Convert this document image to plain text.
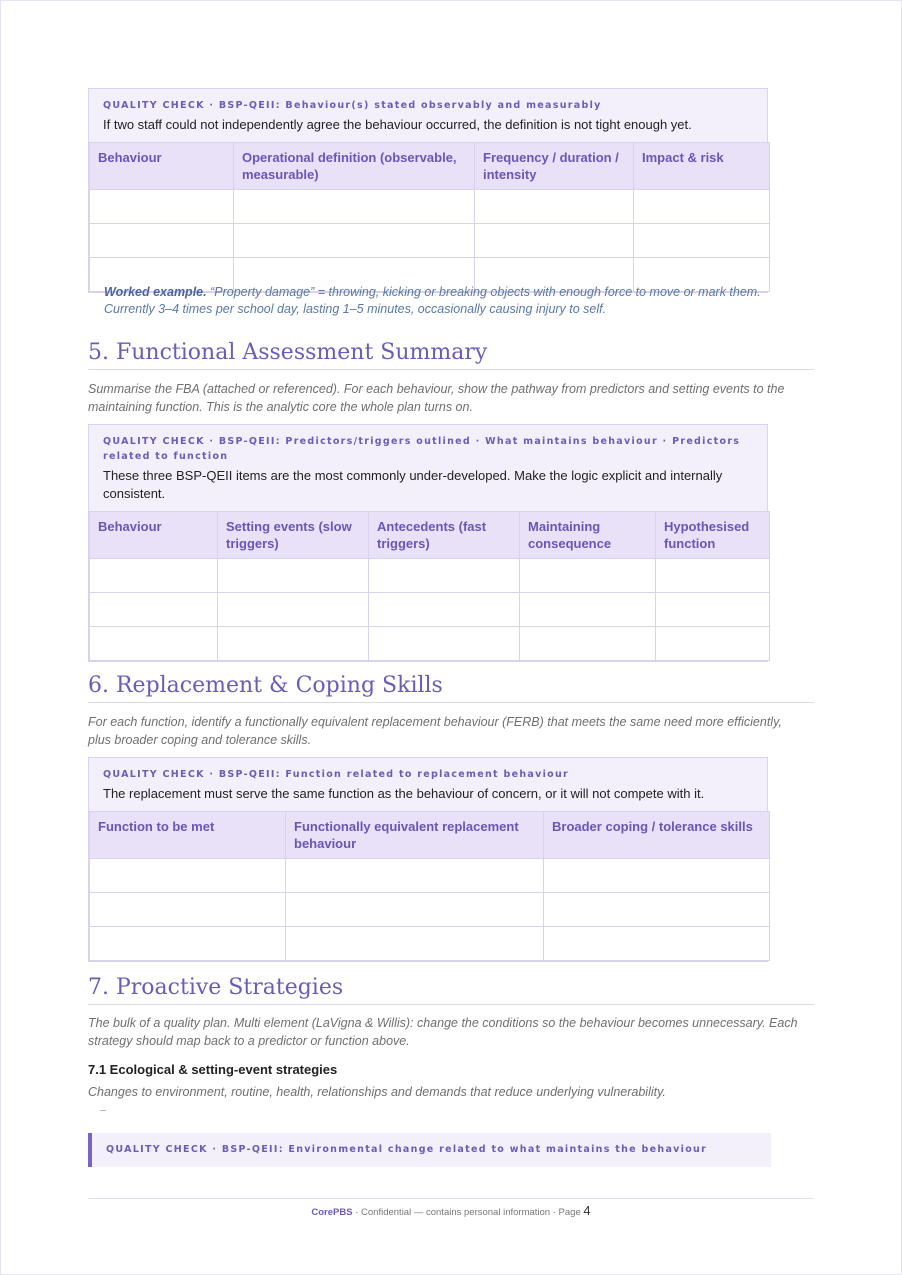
QUALITY CHECK · BSP-QEII: Behaviour(s) stated observably and measurably
If two staff could not independently agree the behaviour occurred, the definition is not tight enough yet.
Behaviour	Operational definition (observable, measurable)	Frequency / duration / intensity	Impact & risk

Worked example. “Property damage” = throwing, kicking or breaking objects with enough force to move or mark them. Currently 3–4 times per school day, lasting 1–5 minutes, occasionally causing injury to self.
5. Functional Assessment Summary
Summarise the FBA (attached or referenced). For each behaviour, show the pathway from predictors and setting events to the maintaining function. This is the analytic core the whole plan turns on.
QUALITY CHECK · BSP-QEII: Predictors/triggers outlined · What maintains behaviour · Predictors related to function
These three BSP-QEII items are the most commonly under-developed. Make the logic explicit and internally consistent.
Behaviour	Setting events (slow triggers)	Antecedents (fast triggers)	Maintaining consequence	Hypothesised function

6. Replacement & Coping Skills
For each function, identify a functionally equivalent replacement behaviour (FERB) that meets the same need more efficiently, plus broader coping and tolerance skills.
QUALITY CHECK · BSP-QEII: Function related to replacement behaviour
The replacement must serve the same function as the behaviour of concern, or it will not compete with it.
Function to be met	Functionally equivalent replacement behaviour	Broader coping / tolerance skills

7. Proactive Strategies
The bulk of a quality plan. Multi element (LaVigna & Willis): change the conditions so the behaviour becomes unnecessary. Each strategy should map back to a predictor or function above.
7.1 Ecological & setting-event strategies
Changes to environment, routine, health, relationships and demands that reduce underlying vulnerability.
QUALITY CHECK · BSP-QEII: Environmental change related to what maintains the behaviour
CorePBS · Confidential — contains personal information · Page 4
